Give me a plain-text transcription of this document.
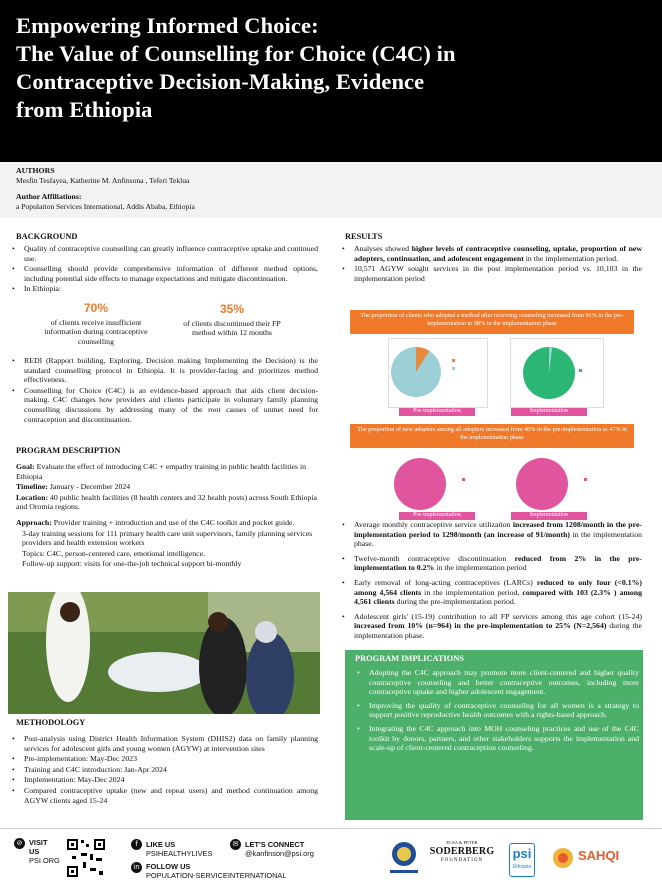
Empowering Informed Choice:
The Value of Counselling for Choice (C4C) in
Contraceptive Decision-Making, Evidence
from Ethiopia
AUTHORS
Mesfin Tesfayea, Katherine M. Anfinsona , Teferi Teklua

Author Affiliations:
a Population Services International, Addis Ababa, Ethiopia
BACKGROUND
• Quality of contraceptive counselling can greatly influence contraceptive uptake and continued use.
• Counselling should provide comprehensive information of different method options, including potential side effects to manage expectations and mitigate discontinuation.
• In Ethiopia:
70%
of clients receive insufficient information during contraceptive counselling
35%
of clients discontinued their FP method within 12 months
• REDI (Rapport building, Exploring, Decision making Implementing the Decision) is the standard counselling protocol in Ethiopia. It is provider-facing and prioritizes method effectiveness.
• Counselling for Choice (C4C) is an evidence-based approach that aids client decision-making. C4C changes how providers and clients participate in voluntary family planning counselling discussions by addressing many of the root causes of unmet need for contraception and discontinuation.
PROGRAM DESCRIPTION

Goal: Evaluate the effect of introducing C4C + empathy training in public health facilities in Ethiopia

Timeline: January - December 2024

Location: 40 public health facilities (8 health centers and 32 health posts) across South Ethiopia and Oromia regions.

Approach: Provider training + introduction and use of the C4C toolkit and pocket guide.

3-day training sessions for 111 primary health care unit supervisors, family planning services providers and health extension workers

Topics: C4C, person-centered care, emotional intelligence.

Follow-up support: visits for one-the-job technical support bi-monthly

METHODOLOGY
• Post-analysis using District Health Information System (DHIS2) data on family planning services for adolescent girls and young women (AGYW) at intervention sites
• Pre-implementation: May-Dec 2023
• Training and C4C introduction: Jan-Apr 2024
• Implementation: May-Dec 2024
• Compared contraceptive uptake (new and repeat users) and method continuation among AGYW clients aged 15-24
RESULTS
• Analyses showed higher levels of contraceptive counseling, uptake, proportion of new adopters, continuation, and adolescent engagement in the implementation period.
• 10,571 AGYW sought services in the post implementation period vs. 10,103 in the implementation period
The proportion of clients who adopted a method after receiving counseling increased from 91% in the pre-implementation to 98% in the implementation phase
Pre-implementation	Implementation
The proportion of new adopters among all adopters increased from 40% in the pre-implementation to 47% in the implementation phase
Pre-implementation	Implementation
• Average monthly contraceptive service utilization increased from 1208/month in the pre-implementation period to 1298/month (an increase of 91/month) in the implementation phase.
• Twelve-month contraceptive discontinuation reduced from 2% in the pre-implementation to 0.2% in the implementation period
• Early removal of long-acting contraceptives (LARCs) reduced to only four (<0.1%) among 4,564 clients in the implementation period, compared with 103 (2.3% ) among 4,561 clients during the pre-implementation period.
• Adolescent girls' (15-19) contribution to all FP services among this age cohort (15-24) increased from 10% (n=964) in the pre-implementation to 25% (N=2,564) during the implementation phase.
PROGRAM IMPLICATIONS
• Adopting the C4C approach may promote more client-centered and higher quality contraceptive counseling and better contraceptive outcomes, including more contraceptive uptake and higher adolescent engagement.
• Improving the quality of contraceptive counseling for all women is a strategy to support positive reproductive health outcomes with a rights-based approach.
• Integrating the C4C approach into MOH counseling practices and use of the C4C toolkit by donors, partners, and other stakeholders supports the implementation and scale-up of client-centered contraception counseling.
⊘ VISIT
US
PSI.ORG
f	LIKE US
PSIHEALTHYLIVES
in FOLLOW US
POPULATION-SERVICEINTERNATIONAL
✉ LET'S CONNECT
@kanfinson@psi.org
ELSA & PETER
SODERBERG
FOUNDATION	psi
Ethiopia
SAHQI
